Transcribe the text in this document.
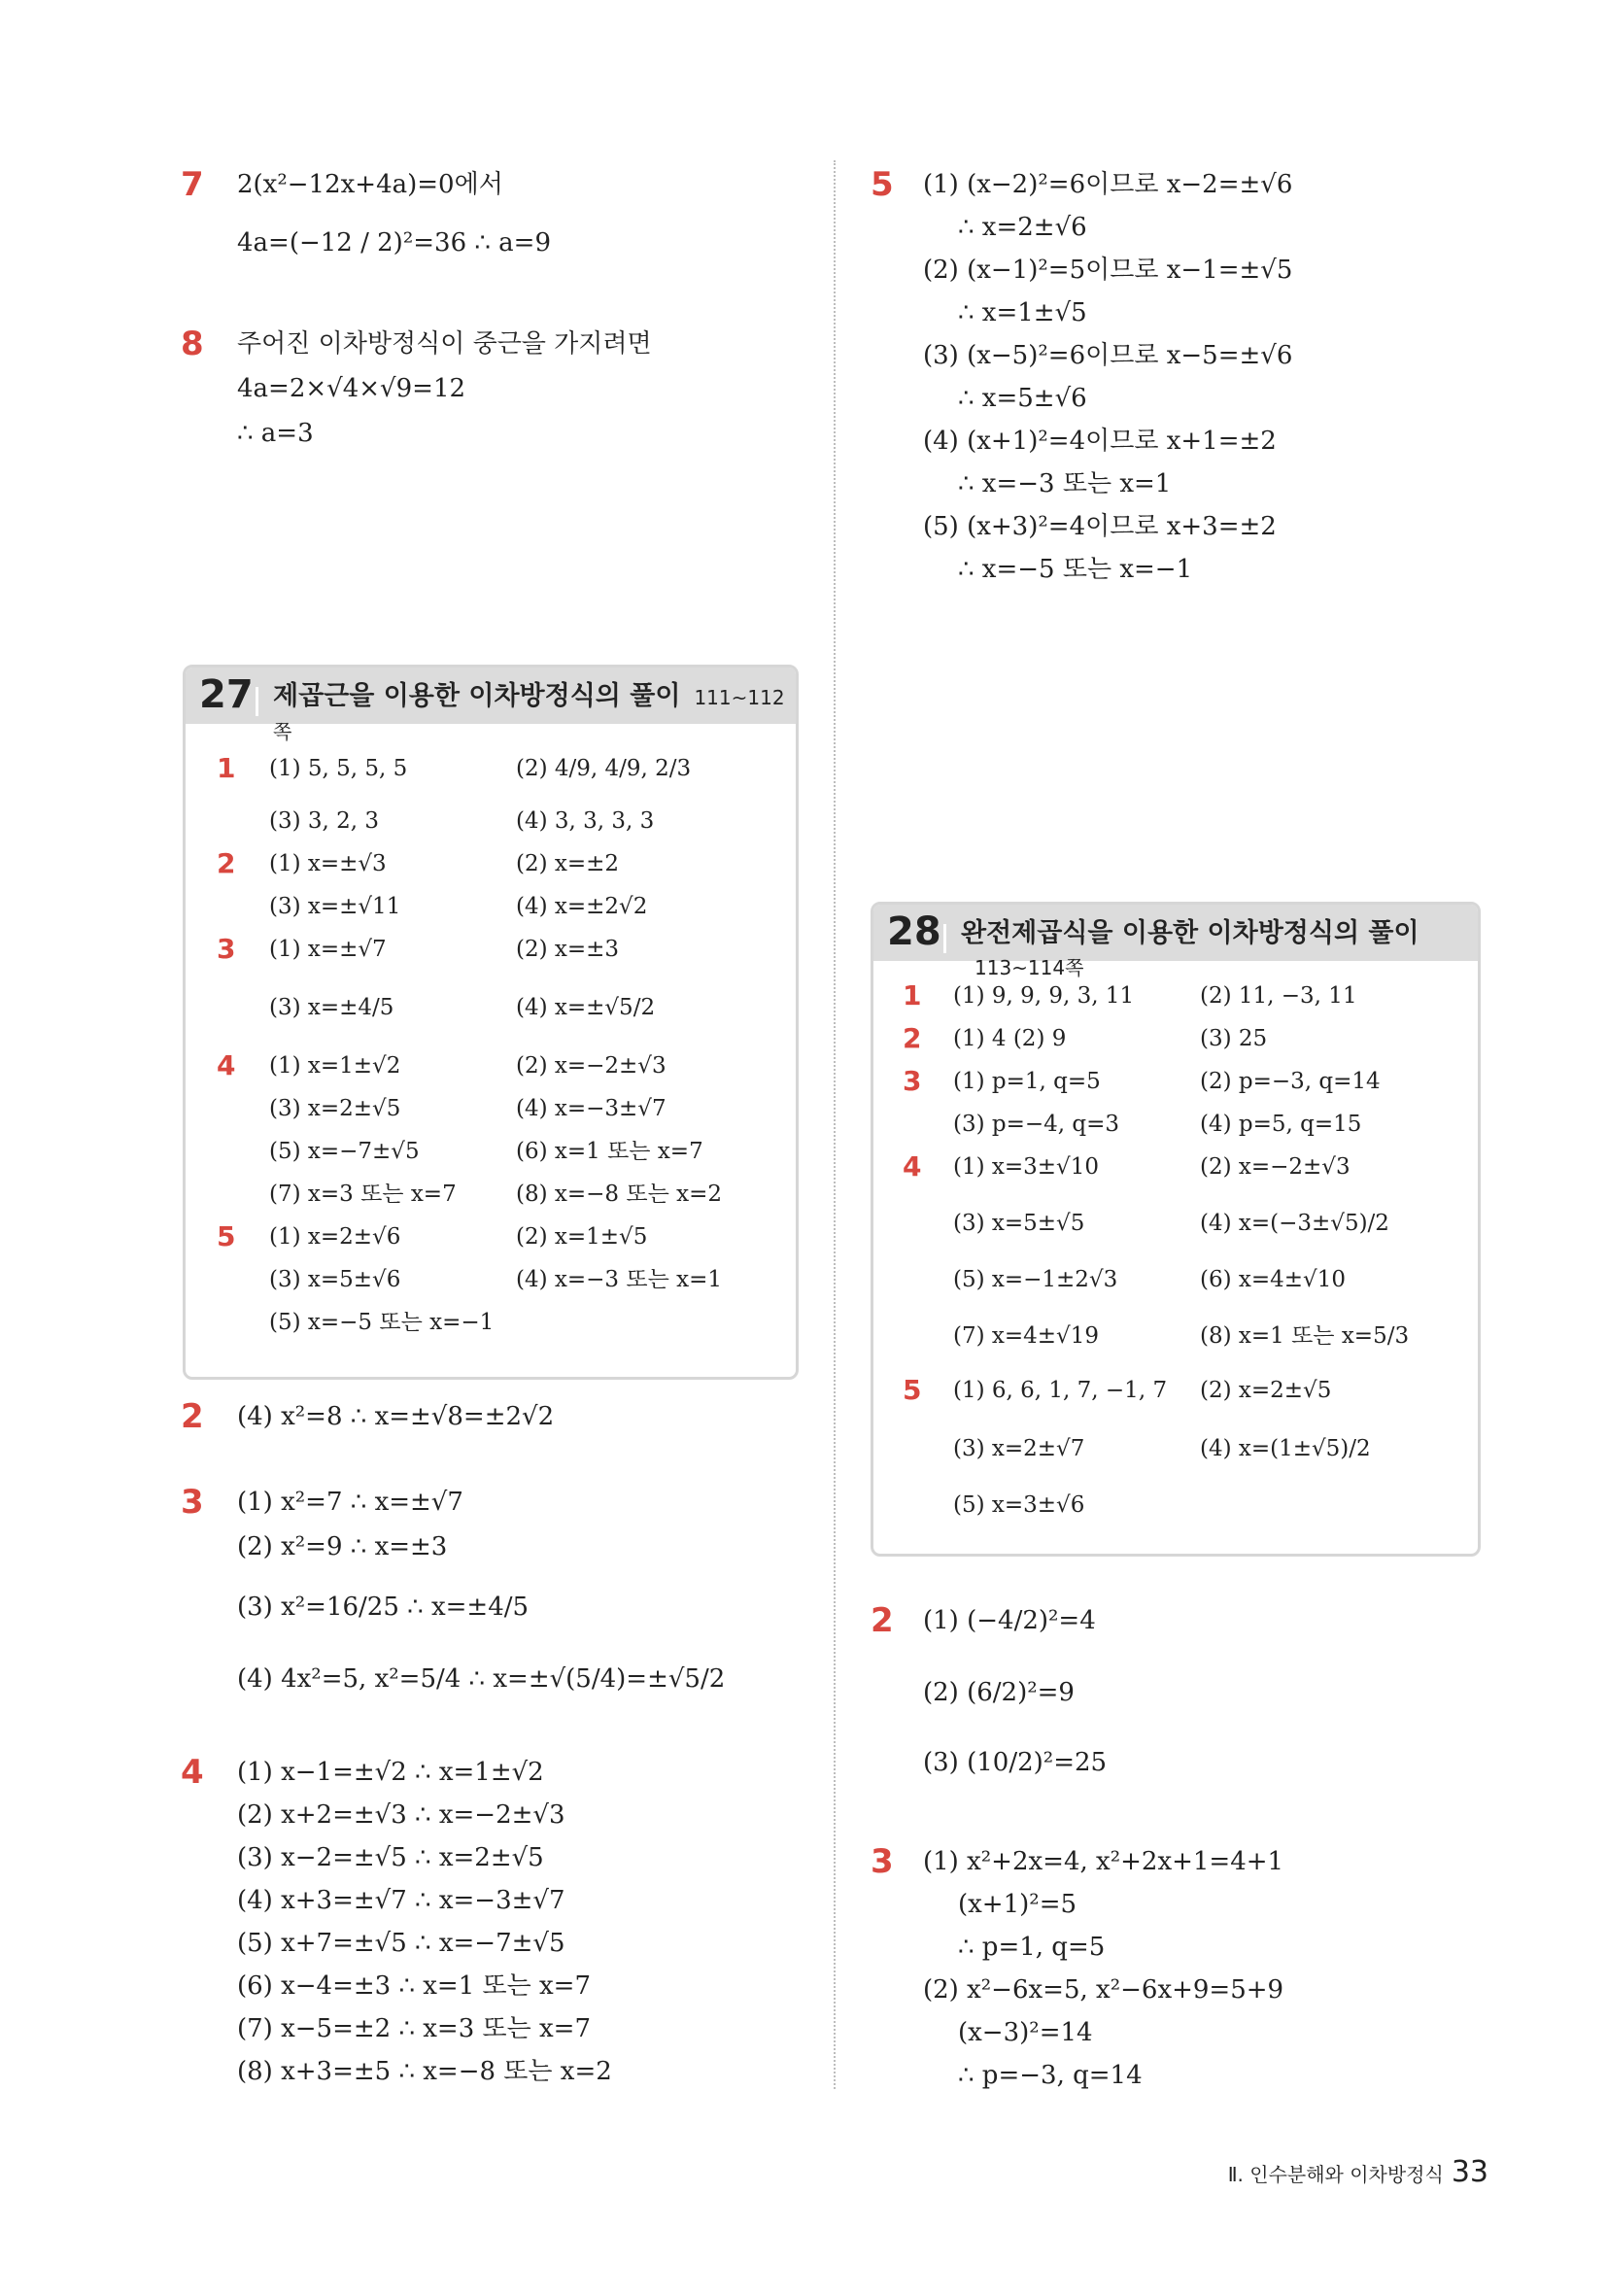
7 2(x²−12x+4a)=0에서
4a=(−12 / 2)²=36 ∴ a=9
8 주어진 이차방정식이 중근을 가지려면
4a=2×√4×√9=12
∴ a=3
27 제곱근을 이용한 이차방정식의 풀이 111~112쪽
1 (1) 5, 5, 5, 5	(2) 4/9, 4/9, 2/3
(3) 3, 2, 3	(4) 3, 3, 3, 3
2 (1) x=±√3	(2) x=±2
(3) x=±√11	(4) x=±2√2
3 (1) x=±√7	(2) x=±3
(3) x=±4/5	(4) x=±√5/2
4 (1) x=1±√2	(2) x=−2±√3
(3) x=2±√5	(4) x=−3±√7
(5) x=−7±√5	(6) x=1 또는 x=7
(7) x=3 또는 x=7	(8) x=−8 또는 x=2
5 (1) x=2±√6	(2) x=1±√5
(3) x=5±√6	(4) x=−3 또는 x=1
(5) x=−5 또는 x=−1
2 (4) x²=8 ∴ x=±√8=±2√2
3 (1) x²=7 ∴ x=±√7
(2) x²=9 ∴ x=±3
(3) x²=16/25 ∴ x=±4/5
(4) 4x²=5, x²=5/4 ∴ x=±√(5/4)=±√5/2
4 (1) x−1=±√2 ∴ x=1±√2
(2) x+2=±√3 ∴ x=−2±√3
(3) x−2=±√5 ∴ x=2±√5
(4) x+3=±√7 ∴ x=−3±√7
(5) x+7=±√5 ∴ x=−7±√5
(6) x−4=±3 ∴ x=1 또는 x=7
(7) x−5=±2 ∴ x=3 또는 x=7
(8) x+3=±5 ∴ x=−8 또는 x=2
5 (1) (x−2)²=6이므로 x−2=±√6
∴ x=2±√6
(2) (x−1)²=5이므로 x−1=±√5
∴ x=1±√5
(3) (x−5)²=6이므로 x−5=±√6
∴ x=5±√6
(4) (x+1)²=4이므로 x+1=±2
∴ x=−3 또는 x=1
(5) (x+3)²=4이므로 x+3=±2
∴ x=−5 또는 x=−1
28 완전제곱식을 이용한 이차방정식의 풀이113~114쪽
1 (1) 9, 9, 9, 3, 11	(2) 11, −3, 11
2 (1) 4 (2) 9	(3) 25
3 (1) p=1, q=5	(2) p=−3, q=14
(3) p=−4, q=3	(4) p=5, q=15
4 (1) x=3±√10	(2) x=−2±√3
(3) x=5±√5	(4) x=(−3±√5)/2
(5) x=−1±2√3	(6) x=4±√10
(7) x=4±√19	(8) x=1 또는 x=5/3
5 (1) 6, 6, 1, 7, −1, 7 (2) x=2±√5
(3) x=2±√7	(4) x=(1±√5)/2
(5) x=3±√6
2 (1) (−4/2)²=4
(2) (6/2)²=9
(3) (10/2)²=25
3 (1) x²+2x=4, x²+2x+1=4+1
(x+1)²=5
∴ p=1, q=5
(2) x²−6x=5, x²−6x+9=5+9
(x−3)²=14
∴ p=−3, q=14
Ⅱ. 인수분해와 이차방정식 33
